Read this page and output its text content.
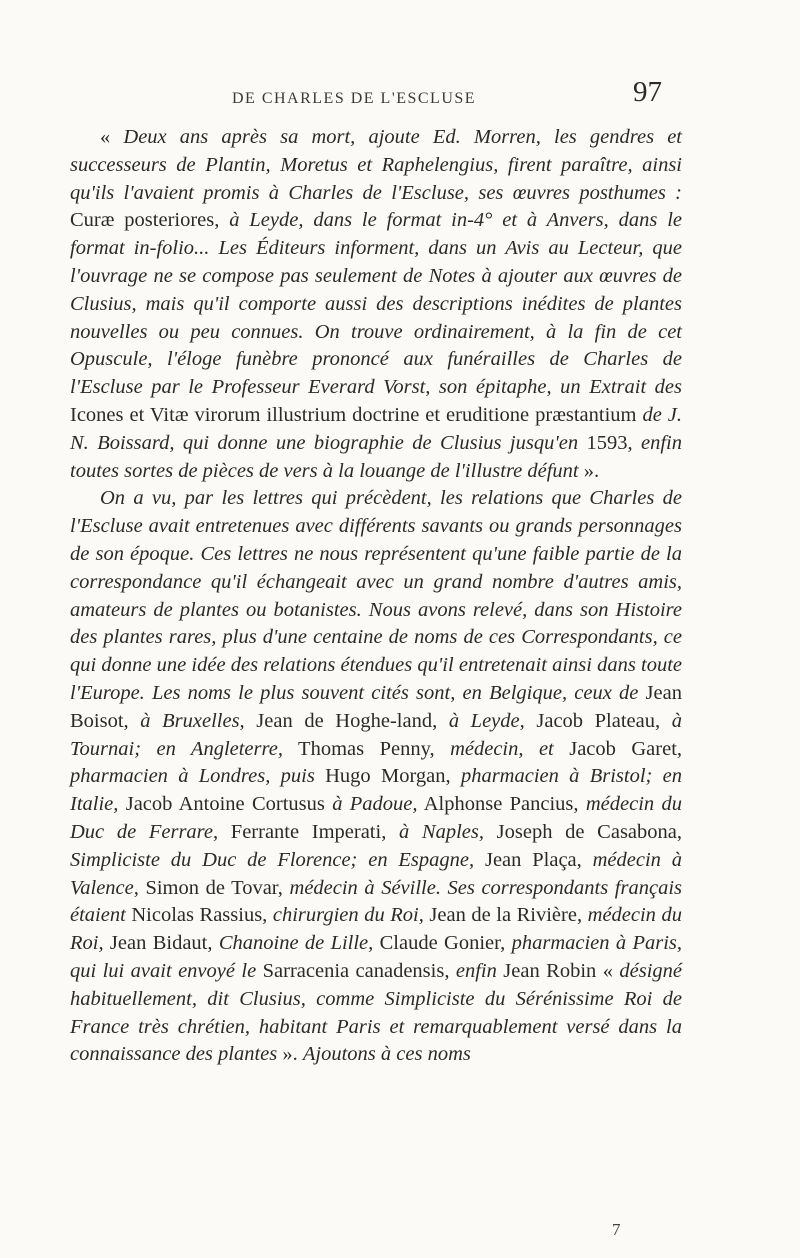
DE CHARLES DE L'ESCLUSE	97

« Deux ans après sa mort, ajoute Ed. Morren, les gendres et successeurs de Plantin, Moretus et Raphelengius, firent paraître, ainsi qu'ils l'avaient promis à Charles de l'Escluse, ses œuvres posthumes : Curæ posteriores, à Leyde, dans le format in-4° et à Anvers, dans le format in-folio... Les Éditeurs informent, dans un Avis au Lecteur, que l'ouvrage ne se compose pas seulement de Notes à ajouter aux œuvres de Clusius, mais qu'il comporte aussi des descriptions inédites de plantes nouvelles ou peu connues. On trouve ordinairement, à la fin de cet Opuscule, l'éloge funèbre prononcé aux funérailles de Charles de l'Escluse par le Professeur Everard Vorst, son épitaphe, un Extrait des Icones et Vitæ virorum illustrium doctrine et eruditione præstantium de J. N. Boissard, qui donne une biographie de Clusius jusqu'en 1593, enfin toutes sortes de pièces de vers à la louange de l'illustre défunt ».

On a vu, par les lettres qui précèdent, les relations que Charles de l'Escluse avait entretenues avec différents savants ou grands personnages de son époque. Ces lettres ne nous représentent qu'une faible partie de la correspondance qu'il échangeait avec un grand nombre d'autres amis, amateurs de plantes ou botanistes. Nous avons relevé, dans son Histoire des plantes rares, plus d'une centaine de noms de ces Correspondants, ce qui donne une idée des relations étendues qu'il entretenait ainsi dans toute l'Europe. Les noms le plus souvent cités sont, en Belgique, ceux de Jean Boisot, à Bruxelles, Jean de Hoghe-land, à Leyde, Jacob Plateau, à Tournai; en Angleterre, Thomas Penny, médecin, et Jacob Garet, pharmacien à Londres, puis Hugo Morgan, pharmacien à Bristol; en Italie, Jacob Antoine Cortusus à Padoue, Alphonse Pancius, médecin du Duc de Ferrare, Ferrante Imperati, à Naples, Joseph de Casabona, Simpliciste du Duc de Florence; en Espagne, Jean Plaça, médecin à Valence, Simon de Tovar, médecin à Séville. Ses correspondants français étaient Nicolas Rassius, chirurgien du Roi, Jean de la Rivière, médecin du Roi, Jean Bidaut, Chanoine de Lille, Claude Gonier, pharmacien à Paris, qui lui avait envoyé le Sarracenia canadensis, enfin Jean Robin « désigné habituellement, dit Clusius, comme Simpliciste du Sérénissime Roi de France très chrétien, habitant Paris et remarquablement versé dans la connaissance des plantes ». Ajoutons à ces noms

7
